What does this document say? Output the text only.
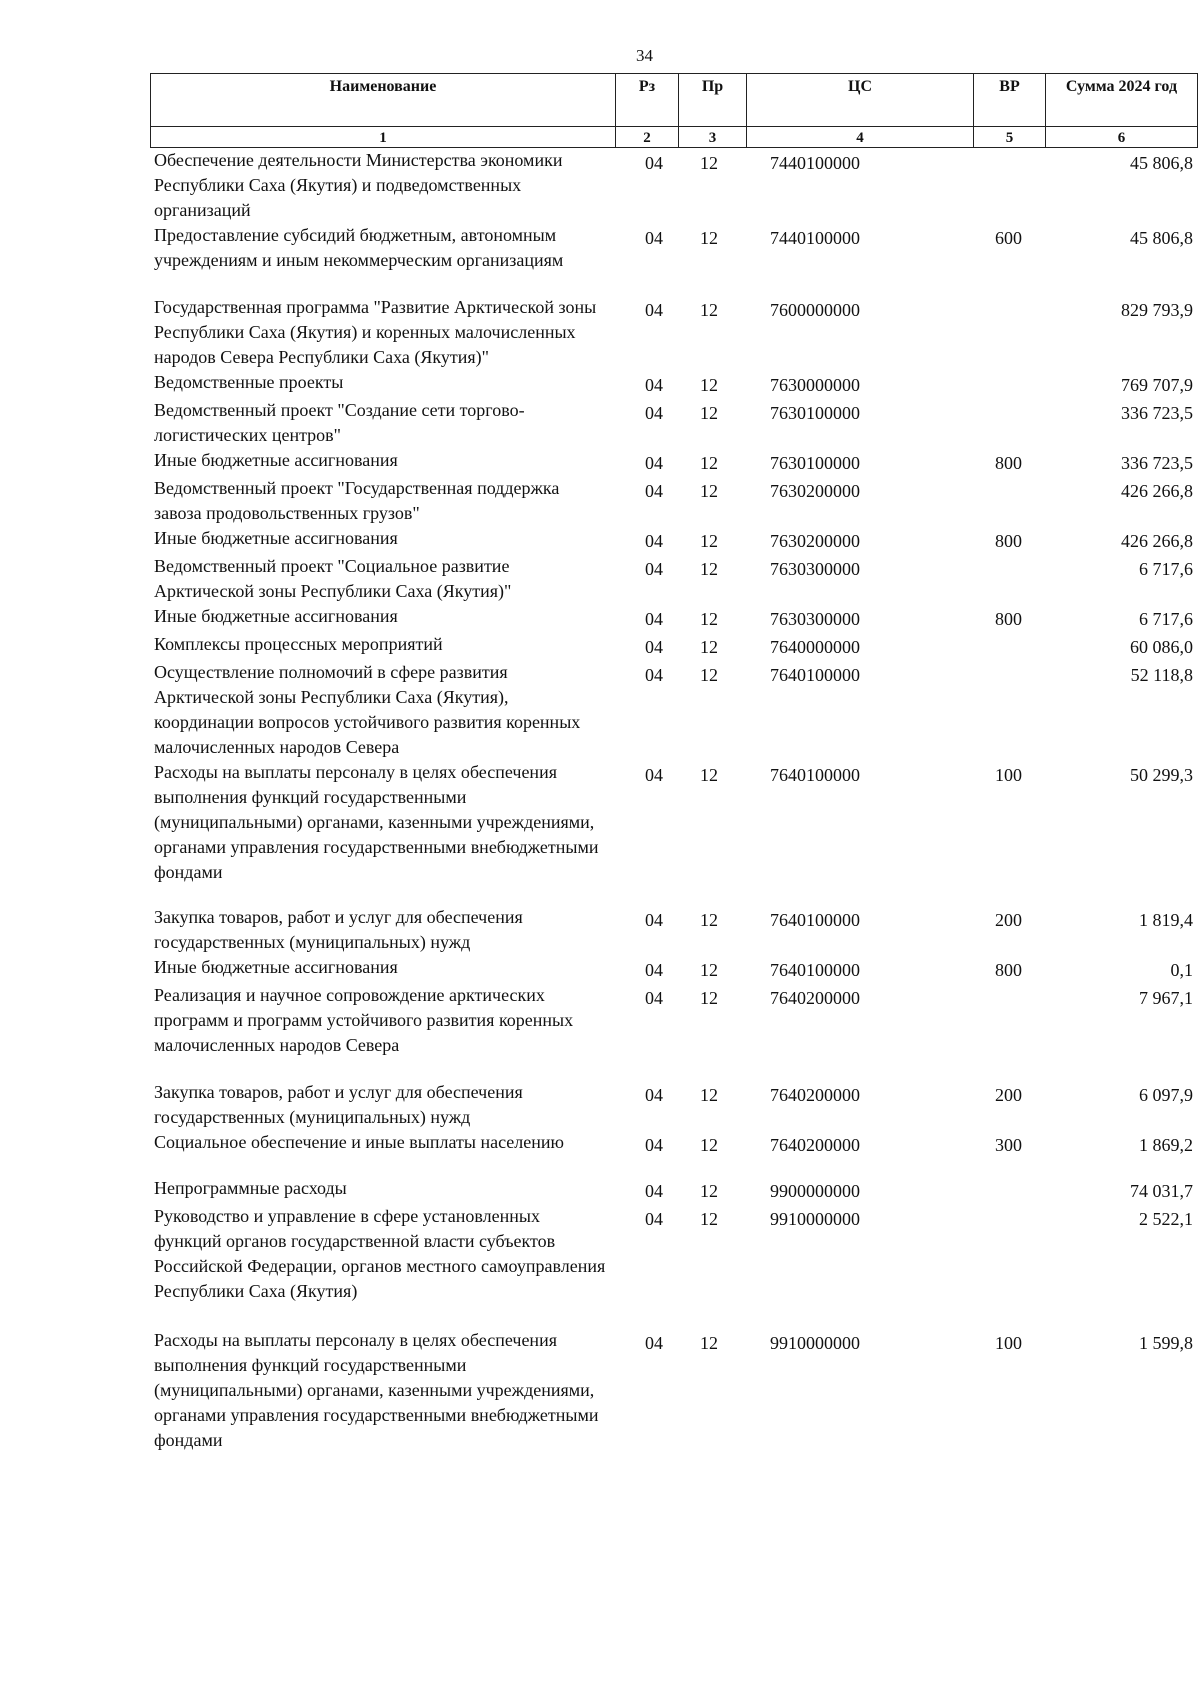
34
Наименование	Рз	Пр	ЦС	ВР	Сумма 2024 год
1	2	3	4	5	6
Обеспечение деятельности Министерства экономики Республики Саха (Якутия) и подведомственных организаций	04	12	7440100000		45 806,8
Предоставление субсидий бюджетным, автономным учреждениям и иным некоммерческим организациям	04	12	7440100000	600	45 806,8
Государственная программа "Развитие Арктической зоны Республики Саха (Якутия) и коренных малочисленных народов Севера Республики Саха (Якутия)"	04	12	7600000000		829 793,9
Ведомственные проекты	04	12	7630000000		769 707,9
Ведомственный проект "Создание сети торгово-логистических центров"	04	12	7630100000		336 723,5
Иные бюджетные ассигнования	04	12	7630100000	800	336 723,5
Ведомственный проект "Государственная поддержка завоза продовольственных грузов"	04	12	7630200000		426 266,8
Иные бюджетные ассигнования	04	12	7630200000	800	426 266,8
Ведомственный проект "Социальное развитие Арктической зоны Республики Саха (Якутия)"	04	12	7630300000		6 717,6
Иные бюджетные ассигнования	04	12	7630300000	800	6 717,6
Комплексы процессных мероприятий	04	12	7640000000		60 086,0
Осуществление полномочий в сфере развития Арктической зоны Республики Саха (Якутия), координации вопросов устойчивого развития коренных малочисленных народов Севера	04	12	7640100000		52 118,8
Расходы на выплаты персоналу в целях обеспечения выполнения функций государственными (муниципальными) органами, казенными учреждениями, органами управления государственными внебюджетными фондами	04	12	7640100000	100	50 299,3
Закупка товаров, работ и услуг для обеспечения государственных (муниципальных) нужд	04	12	7640100000	200	1 819,4
Иные бюджетные ассигнования	04	12	7640100000	800	0,1
Реализация и научное сопровождение арктических программ и программ устойчивого развития коренных малочисленных народов Севера	04	12	7640200000		7 967,1
Закупка товаров, работ и услуг для обеспечения государственных (муниципальных) нужд	04	12	7640200000	200	6 097,9
Социальное обеспечение и иные выплаты населению	04	12	7640200000	300	1 869,2
Непрограммные расходы	04	12	9900000000		74 031,7
Руководство и управление в сфере установленных функций органов государственной власти субъектов Российской Федерации, органов местного самоуправления Республики Саха (Якутия)	04	12	9910000000		2 522,1
Расходы на выплаты персоналу в целях обеспечения выполнения функций государственными (муниципальными) органами, казенными учреждениями, органами управления государственными внебюджетными фондами	04	12	9910000000	100	1 599,8
